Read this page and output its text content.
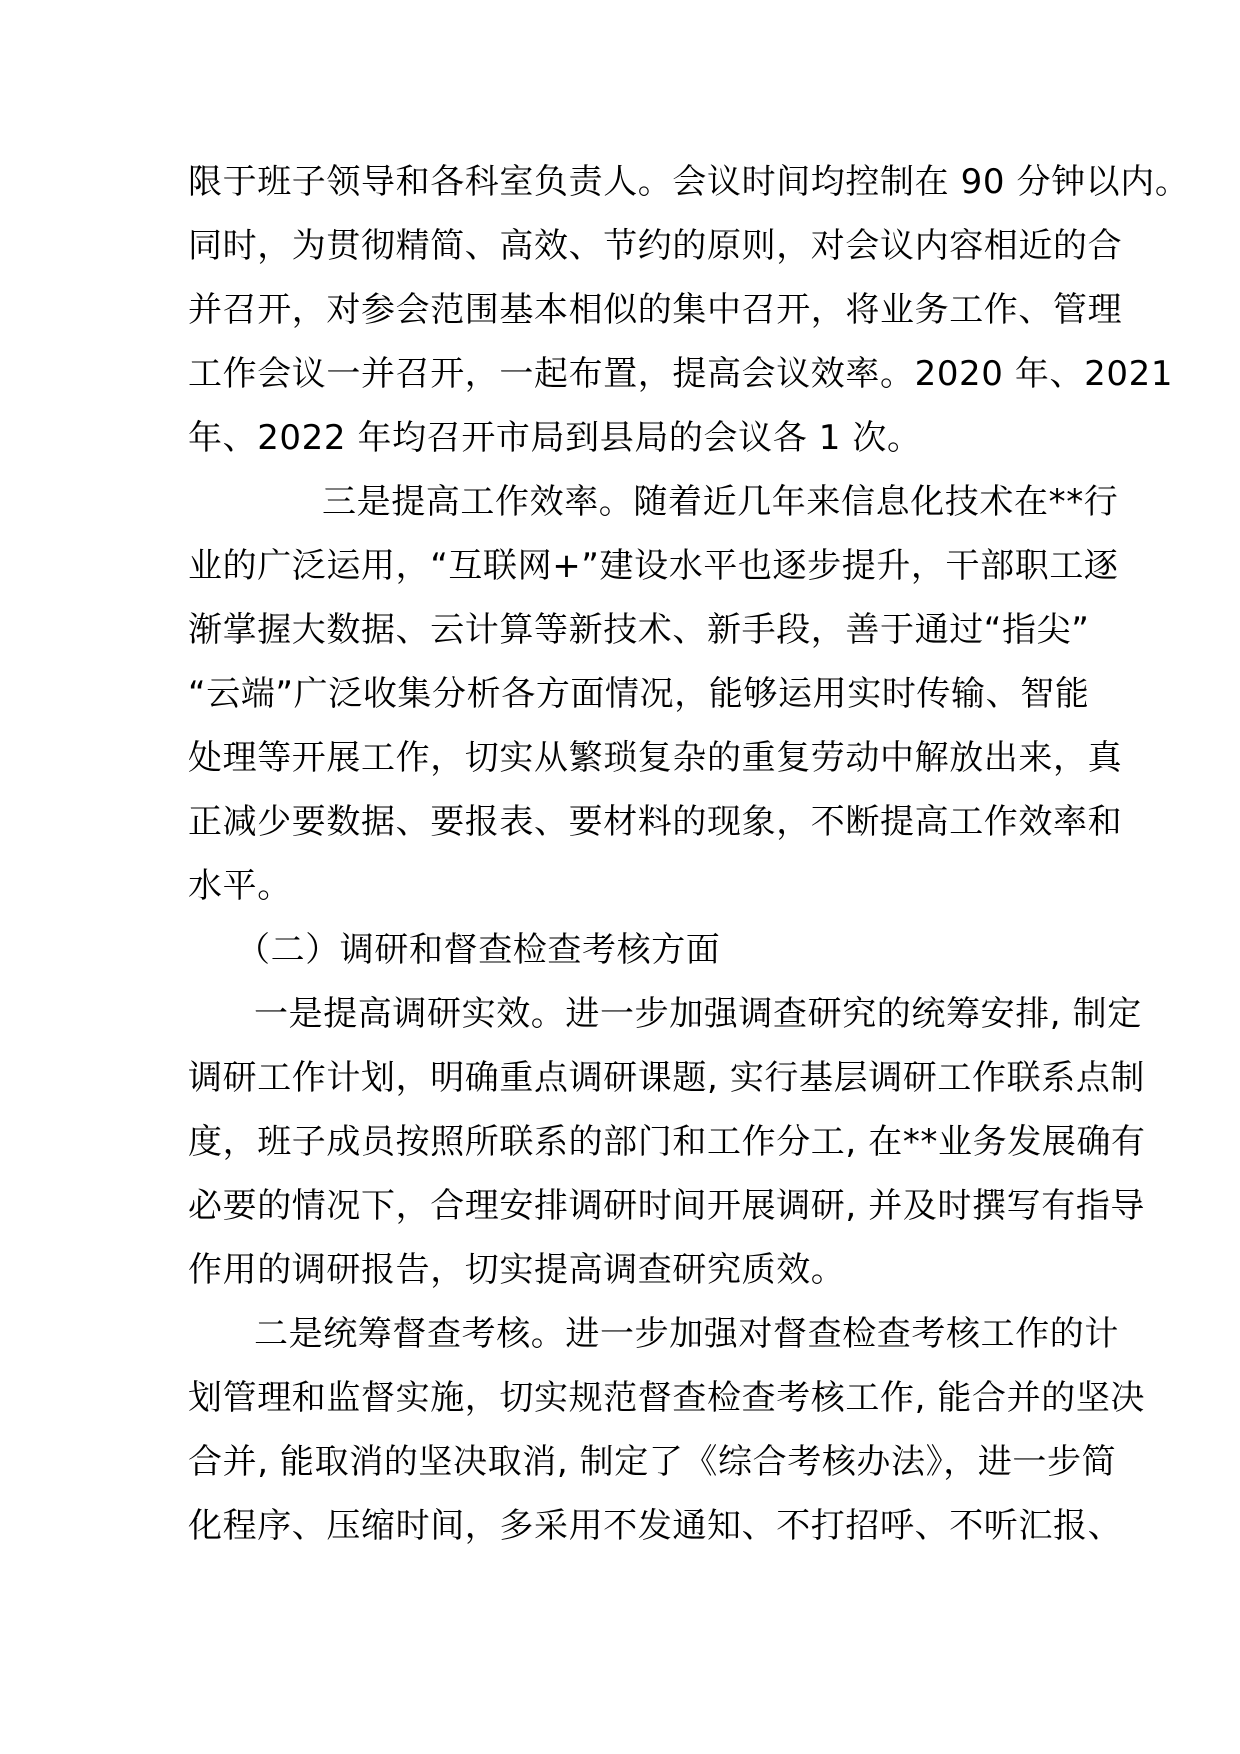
限于班子领导和各科室负责人。会议时间均控制在 90 分钟以内。
同时，为贯彻精简、高效、节约的原则，对会议内容相近的合
并召开，对参会范围基本相似的集中召开，将业务工作、管理
工作会议一并召开，一起布置，提高会议效率。2020 年、2021
年、2022 年均召开市局到县局的会议各 1 次。
三是提高工作效率。随着近几年来信息化技术在**行
业的广泛运用，“互联网+”建设水平也逐步提升，干部职工逐
渐掌握大数据、云计算等新技术、新手段，善于通过“指尖”
“云端”广泛收集分析各方面情况，能够运用实时传输、智能
处理等开展工作，切实从繁琐复杂的重复劳动中解放出来，真
正减少要数据、要报表、要材料的现象，不断提高工作效率和
水平。
（二）调研和督查检查考核方面
一是提高调研实效。进一步加强调查研究的统筹安排, 制定
调研工作计划，明确重点调研课题, 实行基层调研工作联系点制
度，班子成员按照所联系的部门和工作分工, 在**业务发展确有
必要的情况下，合理安排调研时间开展调研, 并及时撰写有指导
作用的调研报告，切实提高调查研究质效。
二是统筹督查考核。进一步加强对督查检查考核工作的计
划管理和监督实施，切实规范督查检查考核工作, 能合并的坚决
合并, 能取消的坚决取消, 制定了《综合考核办法》，进一步简
化程序、压缩时间，多采用不发通知、不打招呼、不听汇报、
